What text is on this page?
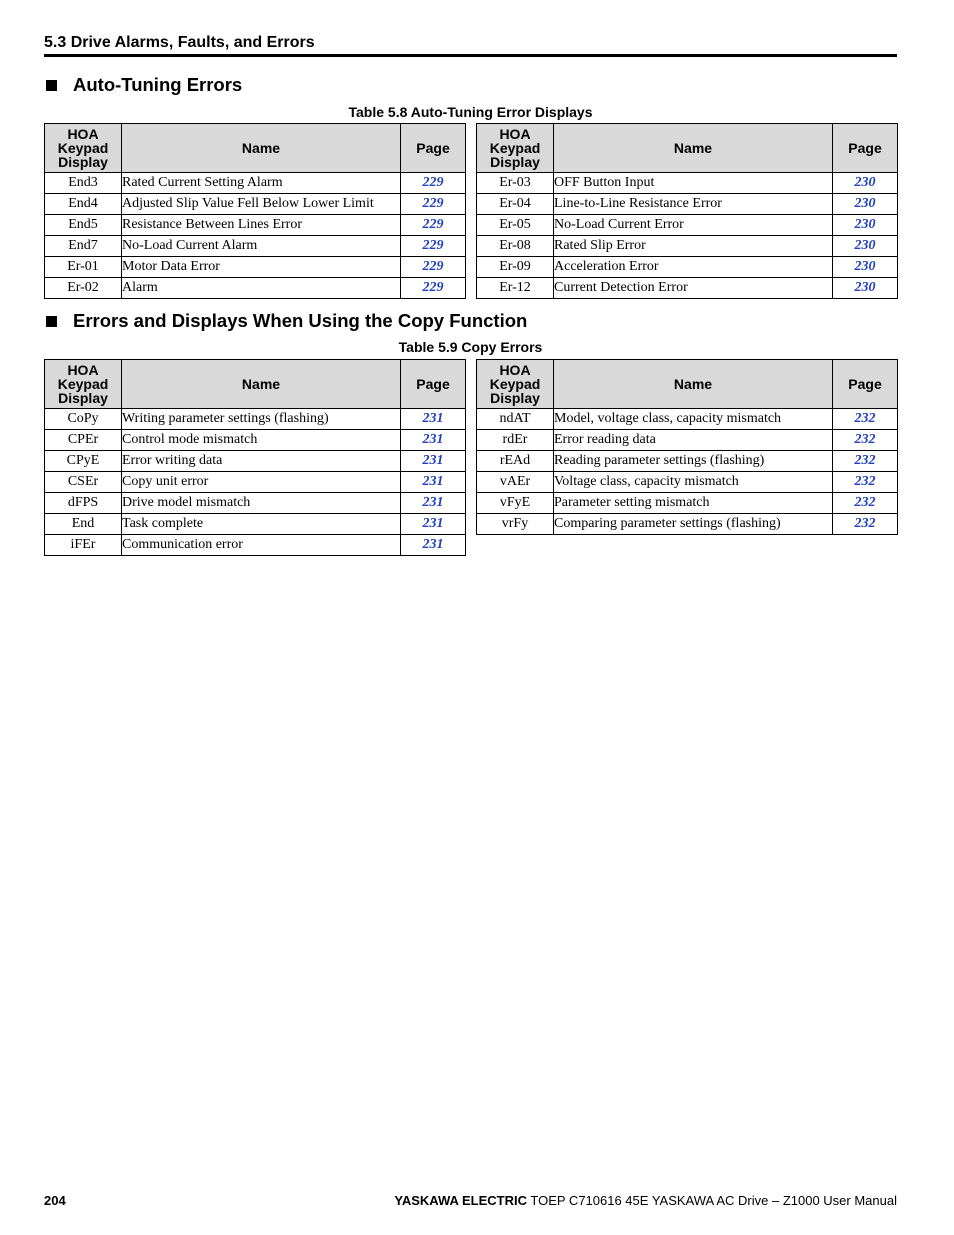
5.3 Drive Alarms, Faults, and Errors
Auto-Tuning Errors
Table 5.8 Auto-Tuning Error Displays
HOA
Keypad
Display	Name	Page
End3	Rated Current Setting Alarm	229
End4	Adjusted Slip Value Fell Below Lower Limit	229
End5	Resistance Between Lines Error	229
End7	No-Load Current Alarm	229
Er-01	Motor Data Error	229
Er-02	Alarm	229
HOA
Keypad
Display	Name	Page
Er-03	OFF Button Input	230
Er-04	Line-to-Line Resistance Error	230
Er-05	No-Load Current Error	230
Er-08	Rated Slip Error	230
Er-09	Acceleration Error	230
Er-12	Current Detection Error	230
Errors and Displays When Using the Copy Function
Table 5.9 Copy Errors
HOA
Keypad
Display	Name	Page
CoPy	Writing parameter settings (flashing)	231
CPEr	Control mode mismatch	231
CPyE	Error writing data	231
CSEr	Copy unit error	231
dFPS	Drive model mismatch	231
End	Task complete	231
iFEr	Communication error	231
HOA
Keypad
Display	Name	Page
ndAT	Model, voltage class, capacity mismatch	232
rdEr	Error reading data	232
rEAd	Reading parameter settings (flashing)	232
vAEr	Voltage class, capacity mismatch	232
vFyE	Parameter setting mismatch	232
vrFy	Comparing parameter settings (flashing)	232
204	YASKAWA ELECTRIC TOEP C710616 45E YASKAWA AC Drive – Z1000 User Manual
